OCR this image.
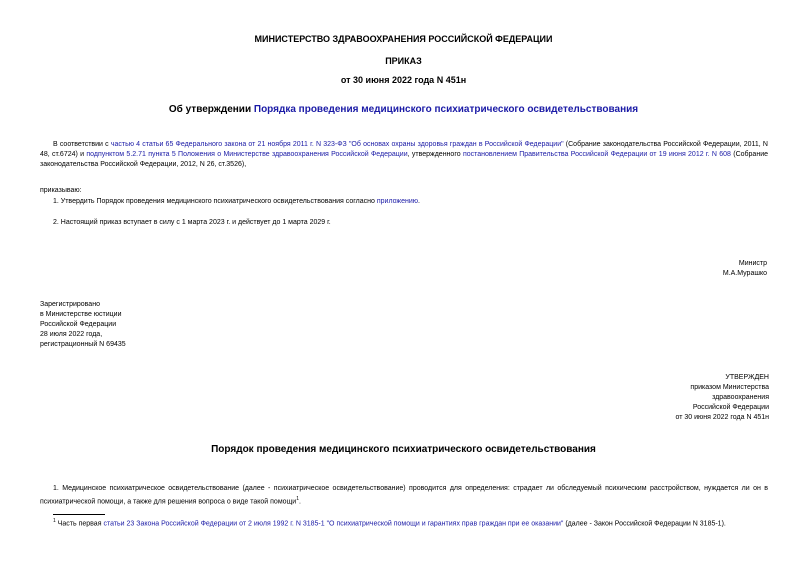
МИНИСТЕРСТВО ЗДРАВООХРАНЕНИЯ РОССИЙСКОЙ ФЕДЕРАЦИИ
ПРИКАЗ
от 30 июня 2022 года N 451н
Об утверждении Порядка проведения медицинского психиатрического освидетельствования
В соответствии с частью 4 статьи 65 Федерального закона от 21 ноября 2011 г. N 323-ФЗ "Об основах охраны здоровья граждан в Российской Федерации" (Собрание законодательства Российской Федерации, 2011, N 48, ст.6724) и подпунктом 5.2.71 пункта 5 Положения о Министерстве здравоохранения Российской Федерации, утвержденного постановлением Правительства Российской Федерации от 19 июня 2012 г. N 608 (Собрание законодательства Российской Федерации, 2012, N 26, ст.3526),
приказываю:
1. Утвердить Порядок проведения медицинского психиатрического освидетельствования согласно приложению.
2. Настоящий приказ вступает в силу с 1 марта 2023 г. и действует до 1 марта 2029 г.
Министр
М.А.Мурашко
Зарегистрировано
в Министерстве юстиции
Российской Федерации
28 июля 2022 года,
регистрационный N 69435
УТВЕРЖДЕН
приказом Министерства
здравоохранения
Российской Федерации
от 30 июня 2022 года N 451н
Порядок проведения медицинского психиатрического освидетельствования
1. Медицинское психиатрическое освидетельствование (далее - психиатрическое освидетельствование) проводится для определения: страдает ли обследуемый психическим расстройством, нуждается ли он в психиатрической помощи, а также для решения вопроса о виде такой помощи$^1$.
$^1$ Часть первая статьи 23 Закона Российской Федерации от 2 июля 1992 г. N 3185-1 "О психиатрической помощи и гарантиях прав граждан при ее оказании" (далее - Закон Российской Федерации N 3185-1).
